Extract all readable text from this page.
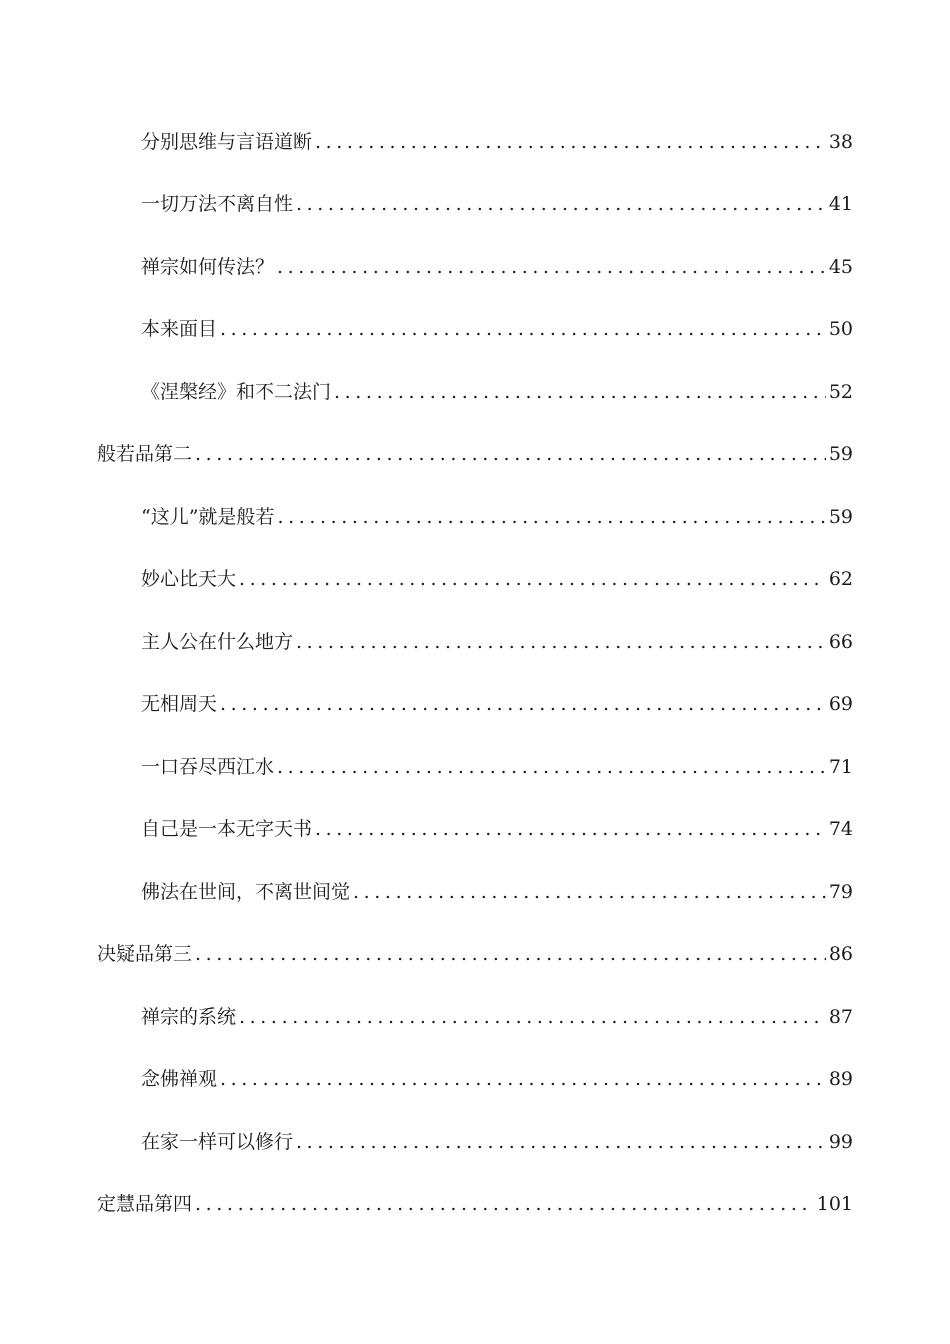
分别思维与言语道断 .....	38
一切万法不离自性 .....	41
禅宗如何传法？ .....	45
本来面目 .....	50
《涅槃经》和不二法门 .....	52
般若品第二 .....	59
“这儿”就是般若 .....	59
妙心比天大 .....	62
主人公在什么地方 .....	66
无相周天 .....	69
一口吞尽西江水 .....	71
自己是一本无字天书 .....	74
佛法在世间，不离世间觉 .....	79
决疑品第三 .....	86
禅宗的系统 .....	87
念佛禅观 .....	89
在家一样可以修行 .....	99
定慧品第四 .....	101
